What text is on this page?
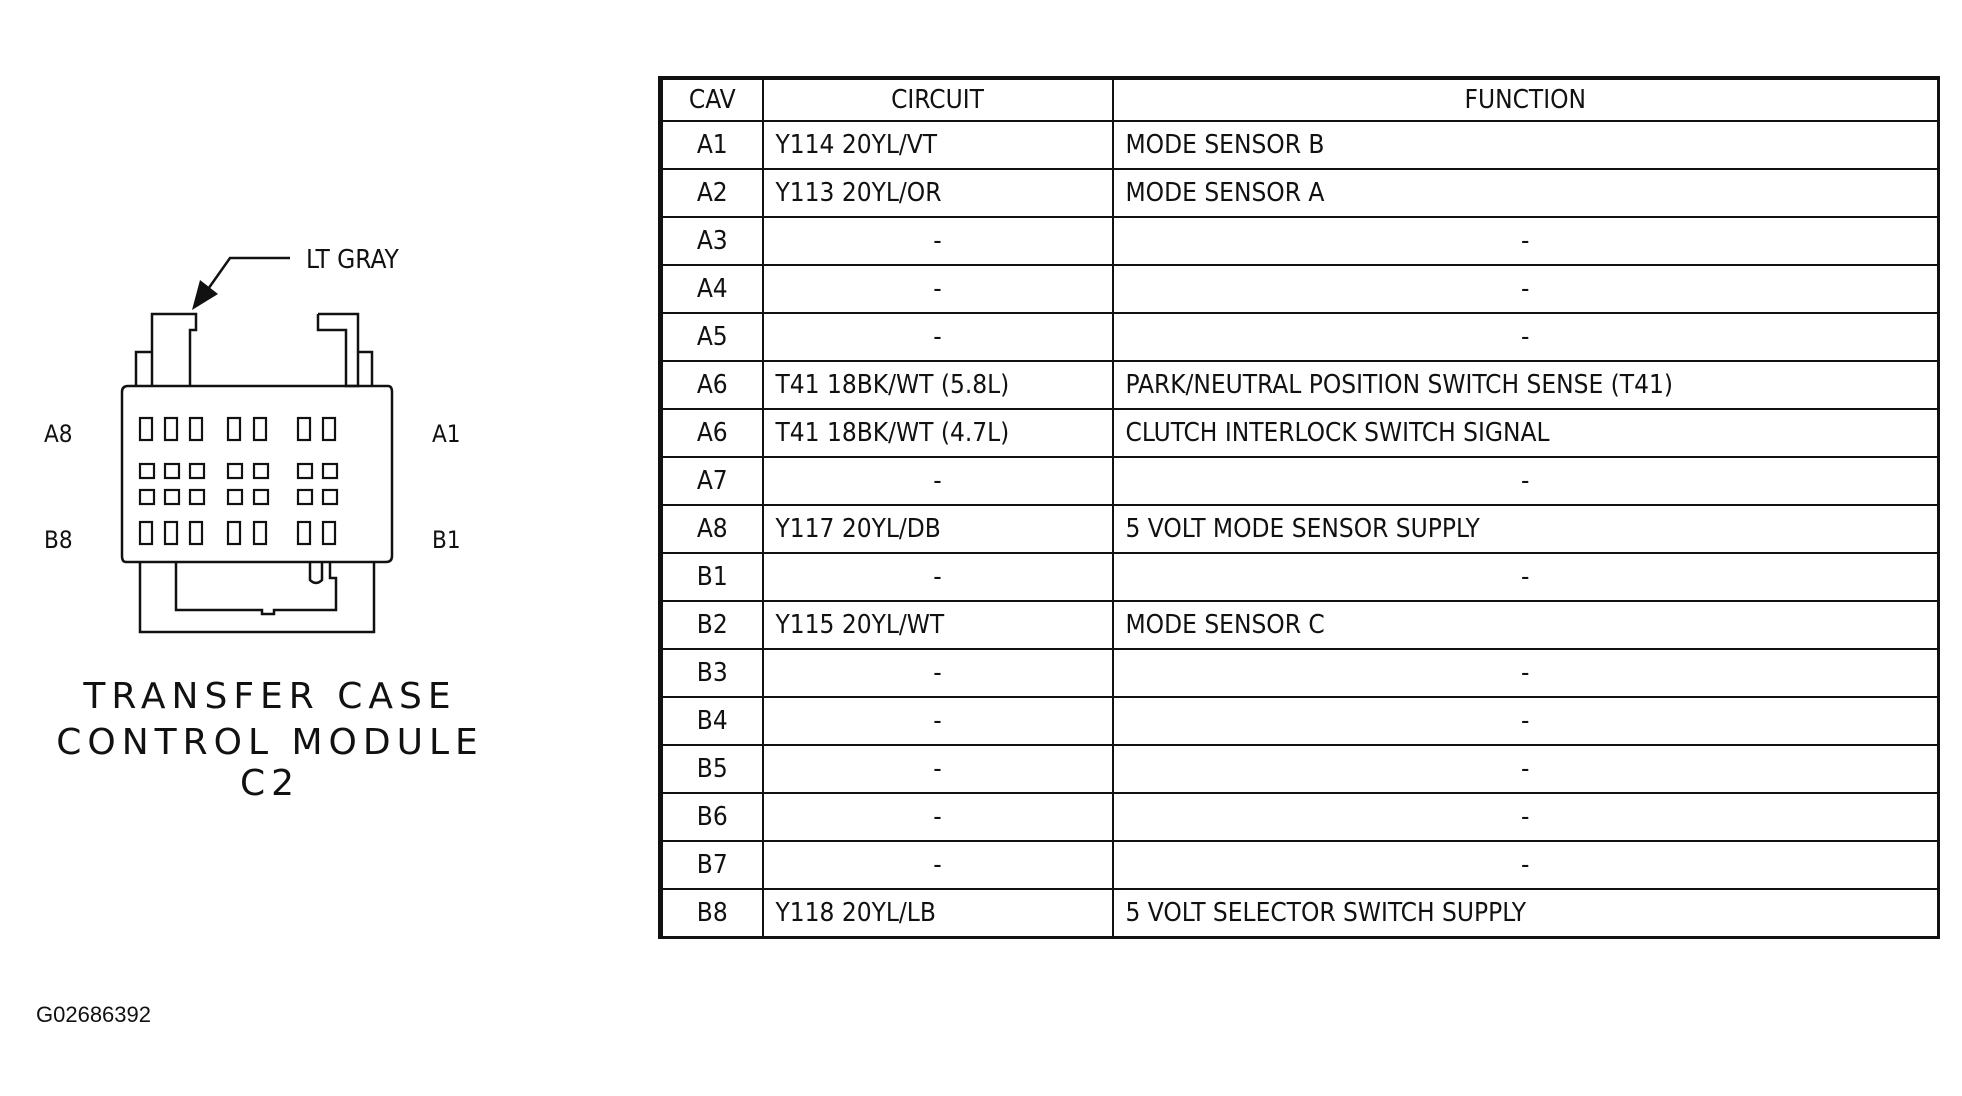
LT GRAY
A8	A1
B8	B1
TRANSFER CASE
CONTROL MODULE C2
CAV	CIRCUIT	FUNCTION
A1	Y114 20YL/VT	MODE SENSOR B
A2	Y113 20YL/OR	MODE SENSOR A
A3	-	-
A4	-	-
A5	-	-
A6	T41 18BK/WT (5.8L)	PARK/NEUTRAL POSITION SWITCH SENSE (T41)
A6	T41 18BK/WT (4.7L)	CLUTCH INTERLOCK SWITCH SIGNAL
A7	-	-
A8	Y117 20YL/DB	5 VOLT MODE SENSOR SUPPLY
B1	-	-
B2	Y115 20YL/WT	MODE SENSOR C
B3	-	-
B4	-	-
B5	-	-
B6	-	-
B7	-	-
B8	Y118 20YL/LB	5 VOLT SELECTOR SWITCH SUPPLY
G02686392
